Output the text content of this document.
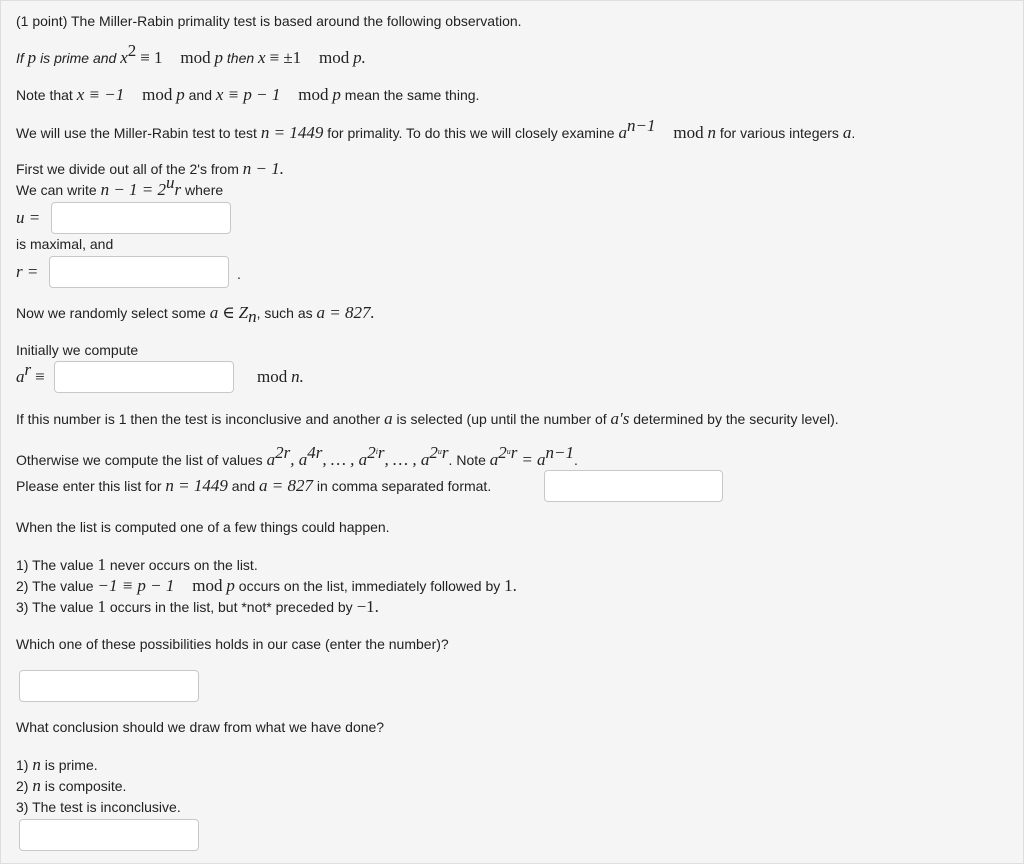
(1 point) The Miller-Rabin primality test is based around the following observation.
If p is prime and $x^2 \equiv 1$ mod p then x ≡ ±1 mod p.
Note that x ≡ −1 mod p and x ≡ p − 1 mod p mean the same thing.
We will use the Miller-Rabin test to test n = 1449 for primality. To do this we will closely examine $a^{n-1}$ mod n for various integers a.
First we divide out all of the 2's from n − 1.
We can write $n - 1 = 2^ur$ where
u =
is maximal, and
r =	.
Now we randomly select some a ∈ $Z_n$, such as a = 827.
Initially we compute
$a^r$ ≡	mod n.
If this number is 1 then the test is inconclusive and another a is selected (up until the number of a′s determined by the security level).
Otherwise we compute the list of values $a^{2r}$, $a^{4r}$, … , $a^{2^ir}$, … , $a^{2^ur}$. Note $a^{2^ur} = a^{n-1}$.
Please enter this list for n = 1449 and a = 827 in comma separated format.
When the list is computed one of a few things could happen.
1) The value 1 never occurs on the list.
2) The value −1 ≡ p − 1 mod p occurs on the list, immediately followed by 1.
3) The value 1 occurs in the list, but *not* preceded by −1.
Which one of these possibilities holds in our case (enter the number)?
What conclusion should we draw from what we have done?
1) n is prime.
2) n is composite.
3) The test is inconclusive.
